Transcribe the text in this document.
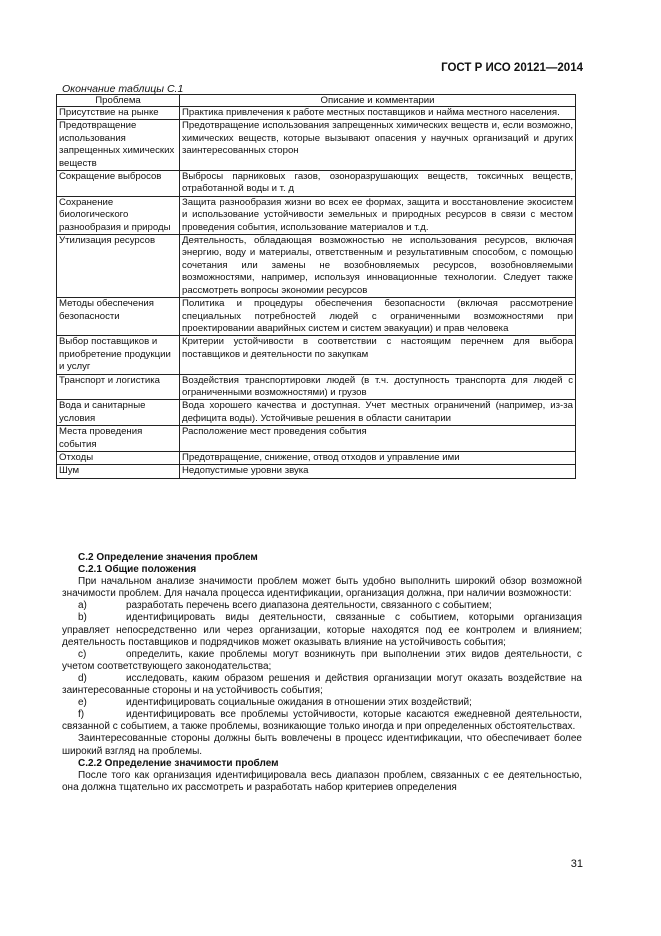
ГОСТ Р ИСО 20121—2014
Окончание таблицы С.1
Проблема	Описание и комментарии
Присутствие на рынке	Практика привлечения к работе местных поставщиков и найма местного населения.
Предотвращение использования запрещенных химических веществ	Предотвращение использования запрещенных химических веществ и, если возможно, химических веществ, которые вызывают опасения у научных организаций и других заинтересованных сторон
Сокращение выбросов	Выбросы парниковых газов, озоноразрушающих веществ, токсичных веществ, отработанной воды и т. д
Сохранение биологического разнообразия и природы	Защита разнообразия жизни во всех ее формах, защита и восстановление экосистем и использование устойчивости земельных и природных ресурсов в связи с местом проведения события, использование материалов и т.д.
Утилизация ресурсов	Деятельность, обладающая возможностью не использования ресурсов, включая энергию, воду и материалы, ответственным и результативным способом, с помощью сочетания или замены не возобновляемых ресурсов, возобновляемыми возможностями, например, используя инновационные технологии. Следует также рассмотреть вопросы экономии ресурсов
Методы обеспечения безопасности	Политика и процедуры обеспечения безопасности (включая рассмотрение специальных потребностей людей с ограниченными возможностями при проектировании аварийных систем и систем эвакуации) и прав человека
Выбор поставщиков и приобретение продукции и услуг	Критерии устойчивости в соответствии с настоящим перечнем для выбора поставщиков и деятельности по закупкам
Транспорт и логистика	Воздействия транспортировки людей (в т.ч. доступность транспорта для людей с ограниченными возможностями) и грузов
Вода и санитарные условия	Вода хорошего качества и доступная. Учет местных ограничений (например, из-за дефицита воды). Устойчивые решения в области санитарии
Места проведения события	Расположение мест проведения события
Отходы	Предотвращение, снижение, отвод отходов и управление ими
Шум	Недопустимые уровни звука

С.2 Определение значения проблем

С.2.1 Общие положения

При начальном анализе значимости проблем может быть удобно выполнить широкий обзор возможной значимости проблем. Для начала процесса идентификации, организация должна, при наличии возможности:

a)	разработать перечень всего диапазона деятельности, связанного с событием;

b)	идентифицировать виды деятельности, связанные с событием, которыми организация управляет непосредственно или через организации, которые находятся под ее контролем и влиянием; деятельность поставщиков и подрядчиков может оказывать влияние на устойчивость события;

c)	определить, какие проблемы могут возникнуть при выполнении этих видов деятельности, с учетом соответствующего законодательства;

d)	исследовать, каким образом решения и действия организации могут оказать воздействие на заинтересованные стороны и на устойчивость события;

e)	идентифицировать социальные ожидания в отношении этих воздействий;

f)	идентифицировать все проблемы устойчивости, которые касаются ежедневной деятельности, связанной с событием, а также проблемы, возникающие только иногда и при определенных обстоятельствах.

Заинтересованные стороны должны быть вовлечены в процесс идентификации, что обеспечивает более широкий взгляд на проблемы.

С.2.2 Определение значимости проблем

После того как организация идентифицировала весь диапазон проблем, связанных с ее деятельностью, она должна тщательно их рассмотреть и разработать набор критериев определения

31
